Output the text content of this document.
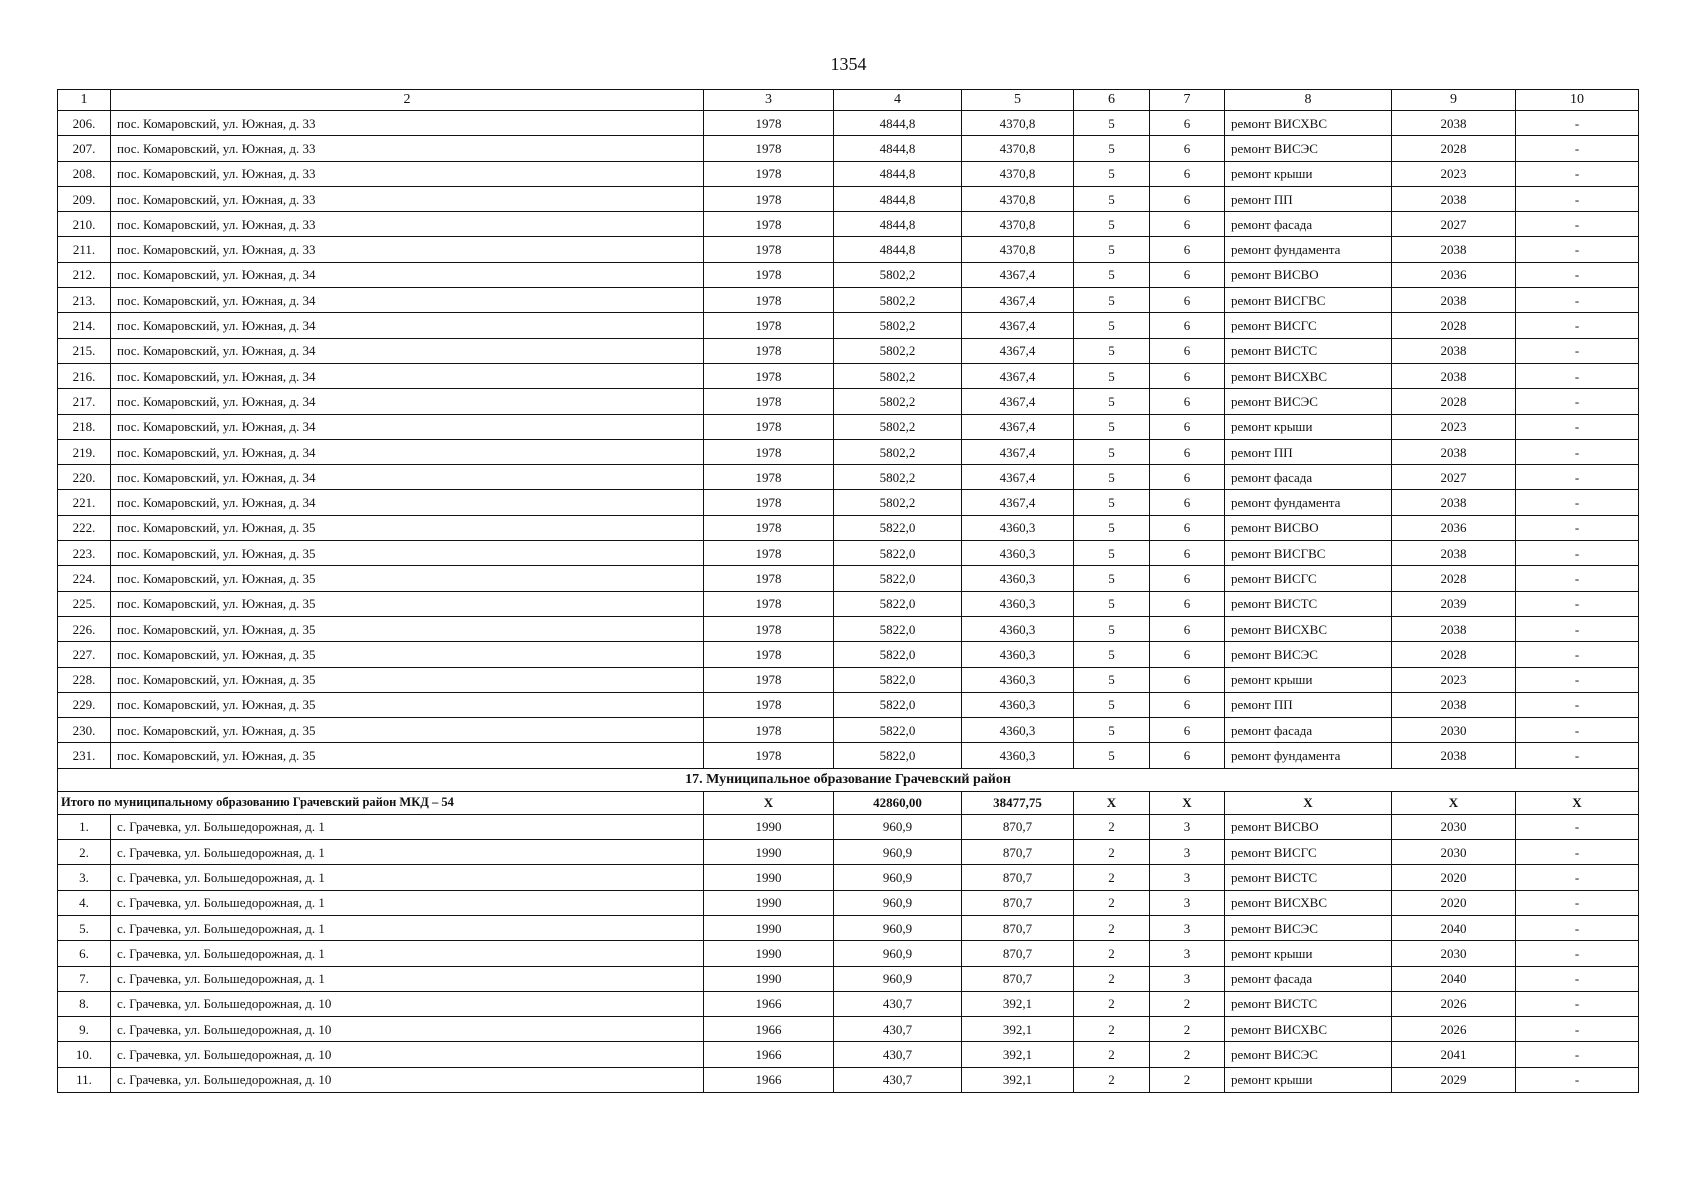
1354
1	2	3	4	5	6	7	8	9	10
206.	пос. Комаровский, ул. Южная, д. 33	1978	4844,8	4370,8	5	6	ремонт ВИСХВС	2038	-
207.	пос. Комаровский, ул. Южная, д. 33	1978	4844,8	4370,8	5	6	ремонт ВИСЭС	2028	-
208.	пос. Комаровский, ул. Южная, д. 33	1978	4844,8	4370,8	5	6	ремонт крыши	2023	-
209.	пос. Комаровский, ул. Южная, д. 33	1978	4844,8	4370,8	5	6	ремонт ПП	2038	-
210.	пос. Комаровский, ул. Южная, д. 33	1978	4844,8	4370,8	5	6	ремонт фасада	2027	-
211.	пос. Комаровский, ул. Южная, д. 33	1978	4844,8	4370,8	5	6	ремонт фундамента	2038	-
212.	пос. Комаровский, ул. Южная, д. 34	1978	5802,2	4367,4	5	6	ремонт ВИСВО	2036	-
213.	пос. Комаровский, ул. Южная, д. 34	1978	5802,2	4367,4	5	6	ремонт ВИСГВС	2038	-
214.	пос. Комаровский, ул. Южная, д. 34	1978	5802,2	4367,4	5	6	ремонт ВИСГС	2028	-
215.	пос. Комаровский, ул. Южная, д. 34	1978	5802,2	4367,4	5	6	ремонт ВИСТС	2038	-
216.	пос. Комаровский, ул. Южная, д. 34	1978	5802,2	4367,4	5	6	ремонт ВИСХВС	2038	-
217.	пос. Комаровский, ул. Южная, д. 34	1978	5802,2	4367,4	5	6	ремонт ВИСЭС	2028	-
218.	пос. Комаровский, ул. Южная, д. 34	1978	5802,2	4367,4	5	6	ремонт крыши	2023	-
219.	пос. Комаровский, ул. Южная, д. 34	1978	5802,2	4367,4	5	6	ремонт ПП	2038	-
220.	пос. Комаровский, ул. Южная, д. 34	1978	5802,2	4367,4	5	6	ремонт фасада	2027	-
221.	пос. Комаровский, ул. Южная, д. 34	1978	5802,2	4367,4	5	6	ремонт фундамента	2038	-
222.	пос. Комаровский, ул. Южная, д. 35	1978	5822,0	4360,3	5	6	ремонт ВИСВО	2036	-
223.	пос. Комаровский, ул. Южная, д. 35	1978	5822,0	4360,3	5	6	ремонт ВИСГВС	2038	-
224.	пос. Комаровский, ул. Южная, д. 35	1978	5822,0	4360,3	5	6	ремонт ВИСГС	2028	-
225.	пос. Комаровский, ул. Южная, д. 35	1978	5822,0	4360,3	5	6	ремонт ВИСТС	2039	-
226.	пос. Комаровский, ул. Южная, д. 35	1978	5822,0	4360,3	5	6	ремонт ВИСХВС	2038	-
227.	пос. Комаровский, ул. Южная, д. 35	1978	5822,0	4360,3	5	6	ремонт ВИСЭС	2028	-
228.	пос. Комаровский, ул. Южная, д. 35	1978	5822,0	4360,3	5	6	ремонт крыши	2023	-
229.	пос. Комаровский, ул. Южная, д. 35	1978	5822,0	4360,3	5	6	ремонт ПП	2038	-
230.	пос. Комаровский, ул. Южная, д. 35	1978	5822,0	4360,3	5	6	ремонт фасада	2030	-
231.	пос. Комаровский, ул. Южная, д. 35	1978	5822,0	4360,3	5	6	ремонт фундамента	2038	-
17. Муниципальное образование Грачевский район									
Итого по муниципальному образованию Грачевский район МКД – 54		Х	42860,00	38477,75	Х	Х	Х	Х	Х
1.	с. Грачевка, ул. Большедорожная, д. 1	1990	960,9	870,7	2	3	ремонт ВИСВО	2030	-
2.	с. Грачевка, ул. Большедорожная, д. 1	1990	960,9	870,7	2	3	ремонт ВИСГС	2030	-
3.	с. Грачевка, ул. Большедорожная, д. 1	1990	960,9	870,7	2	3	ремонт ВИСТС	2020	-
4.	с. Грачевка, ул. Большедорожная, д. 1	1990	960,9	870,7	2	3	ремонт ВИСХВС	2020	-
5.	с. Грачевка, ул. Большедорожная, д. 1	1990	960,9	870,7	2	3	ремонт ВИСЭС	2040	-
6.	с. Грачевка, ул. Большедорожная, д. 1	1990	960,9	870,7	2	3	ремонт крыши	2030	-
7.	с. Грачевка, ул. Большедорожная, д. 1	1990	960,9	870,7	2	3	ремонт фасада	2040	-
8.	с. Грачевка, ул. Большедорожная, д. 10	1966	430,7	392,1	2	2	ремонт ВИСТС	2026	-
9.	с. Грачевка, ул. Большедорожная, д. 10	1966	430,7	392,1	2	2	ремонт ВИСХВС	2026	-
10.	с. Грачевка, ул. Большедорожная, д. 10	1966	430,7	392,1	2	2	ремонт ВИСЭС	2041	-
11.	с. Грачевка, ул. Большедорожная, д. 10	1966	430,7	392,1	2	2	ремонт крыши	2029	-
